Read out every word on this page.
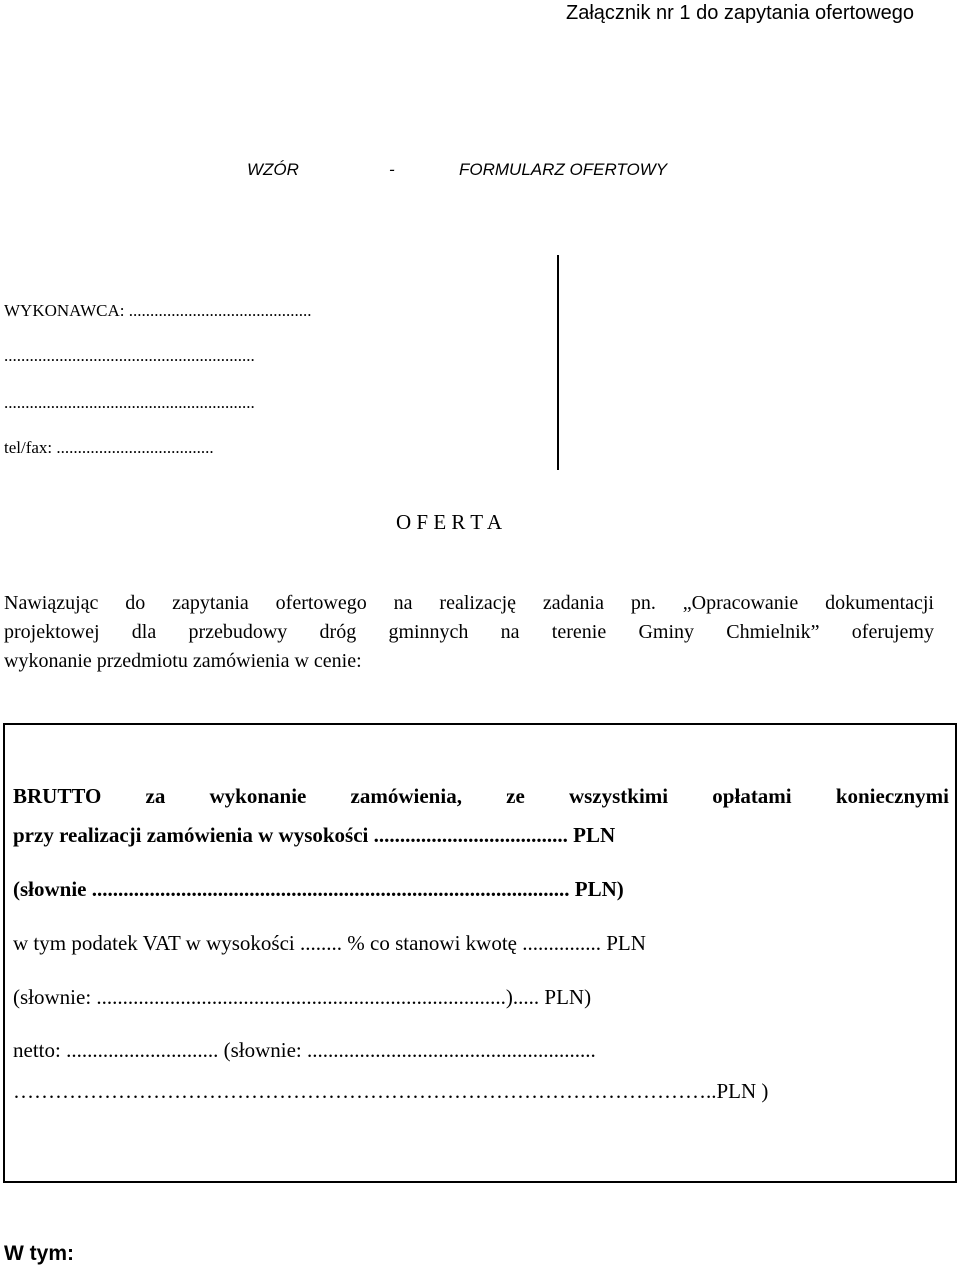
Załącznik nr 1 do zapytania ofertowego
WZÓR	-	FORMULARZ OFERTOWY
WYKONAWCA: ...........................................
...........................................................
...........................................................
tel/fax: .....................................
O F E R T A
Nawiązując do zapytania ofertowego na realizację zadania pn. „Opracowanie dokumentacji
projektowej dla przebudowy dróg gminnych na terenie Gminy Chmielnik” oferujemy
wykonanie przedmiotu zamówienia w cenie:
BRUTTO za wykonanie zamówienia, ze wszystkimi opłatami koniecznymi
przy realizacji zamówienia w wysokości ..................................... PLN
(słownie ........................................................................................... PLN)
w tym podatek VAT w wysokości ........ % co stanowi kwotę ............... PLN
(słownie: ..............................................................................)..... PLN)
netto: ............................. (słownie: .......................................................
………………………………………………………………………………………..PLN )
W tym:
